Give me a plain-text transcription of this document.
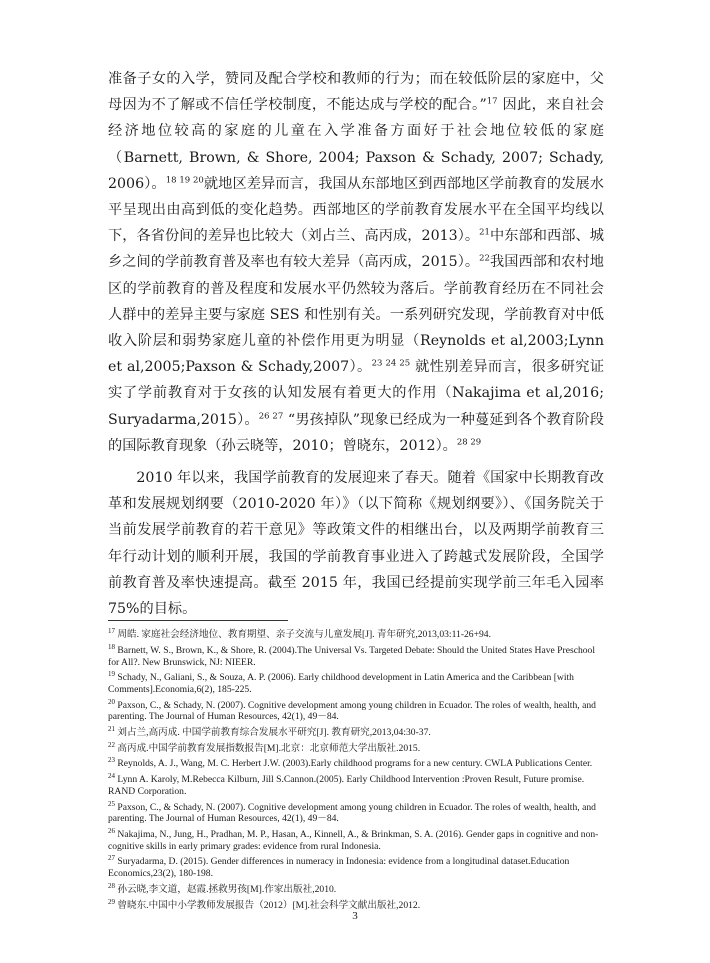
准备子女的入学，赞同及配合学校和教师的行为；而在较低阶层的家庭中，父母因为不了解或不信任学校制度，不能达成与学校的配合。”$^{17}$ 因此，来自社会经济地位较高的家庭的儿童在入学准备方面好于社会地位较低的家庭（Barnett, Brown, & Shore, 2004; Paxson & Schady, 2007; Schady, 2006）。$^{18 19 20}$就地区差异而言，我国从东部地区到西部地区学前教育的发展水平呈现出由高到低的变化趋势。西部地区的学前教育发展水平在全国平均线以下，各省份间的差异也比较大（刘占兰、高丙成，2013）。$^{21}$中东部和西部、城乡之间的学前教育普及率也有较大差异（高丙成，2015）。$^{22}$我国西部和农村地区的学前教育的普及程度和发展水平仍然较为落后。学前教育经历在不同社会人群中的差异主要与家庭 SES 和性别有关。一系列研究发现，学前教育对中低收入阶层和弱势家庭儿童的补偿作用更为明显（Reynolds et al,2003;Lynn et al,2005;Paxson & Schady,2007）。$^{23 24 25}$ 就性别差异而言，很多研究证实了学前教育对于女孩的认知发展有着更大的作用（Nakajima et al,2016; Suryadarma,2015）。$^{26 27}$ “男孩掉队”现象已经成为一种蔓延到各个教育阶段的国际教育现象（孙云晓等，2010；曾晓东，2012）。$^{28 29}$

2010 年以来，我国学前教育的发展迎来了春天。随着《国家中长期教育改革和发展规划纲要（2010-2020 年）》（以下简称《规划纲要》）、《国务院关于当前发展学前教育的若干意见》等政策文件的相继出台，以及两期学前教育三年行动计划的顺利开展，我国的学前教育事业进入了跨越式发展阶段，全国学前教育普及率快速提高。截至 2015 年，我国已经提前实现学前三年毛入园率 75%的目标。

$^{17}$ 周皓. 家庭社会经济地位、教育期望、亲子交流与儿童发展[J]. 青年研究,2013,03:11-26+94.
$^{18}$ Barnett, W. S., Brown, K., & Shore, R. (2004).The Universal Vs. Targeted Debate: Should the United States Have Preschool for All?. New Brunswick, NJ: NIEER.
$^{19}$ Schady, N., Galiani, S., & Souza, A. P. (2006). Early childhood development in Latin America and the Caribbean [with Comments].Economia,6(2), 185-225.
$^{20}$ Paxson, C., & Schady, N. (2007). Cognitive development among young children in Ecuador. The roles of wealth, health, and parenting. The Journal of Human Resources, 42(1), 49－84.
$^{21}$ 刘占兰,高丙成. 中国学前教育综合发展水平研究[J]. 教育研究,2013,04:30-37.
$^{22}$ 高丙成.中国学前教育发展指数报告[M].北京：北京师范大学出版社.2015.
$^{23}$ Reynolds, A. J., Wang, M. C. Herbert J.W. (2003).Early childhood programs for a new century. CWLA Publications Center.
$^{24}$ Lynn A. Karoly, M.Rebecca Kilburn, Jill S.Cannon.(2005). Early Childhood Intervention :Proven Result, Future promise. RAND Corporation.
$^{25}$ Paxson, C., & Schady, N. (2007). Cognitive development among young children in Ecuador. The roles of wealth, health, and parenting. The Journal of Human Resources, 42(1), 49－84.
$^{26}$ Nakajima, N., Jung, H., Pradhan, M. P., Hasan, A., Kinnell, A., & Brinkman, S. A. (2016). Gender gaps in cognitive and non-cognitive skills in early primary grades: evidence from rural Indonesia.
$^{27}$ Suryadarma, D. (2015). Gender differences in numeracy in Indonesia: evidence from a longitudinal dataset.Education Economics,23(2), 180-198.
$^{28}$ 孙云晓,李文道，赵霞.拯救男孩[M].作家出版社,2010.
$^{29}$ 曾晓东.中国中小学教师发展报告（2012）[M].社会科学文献出版社,2012.
3
